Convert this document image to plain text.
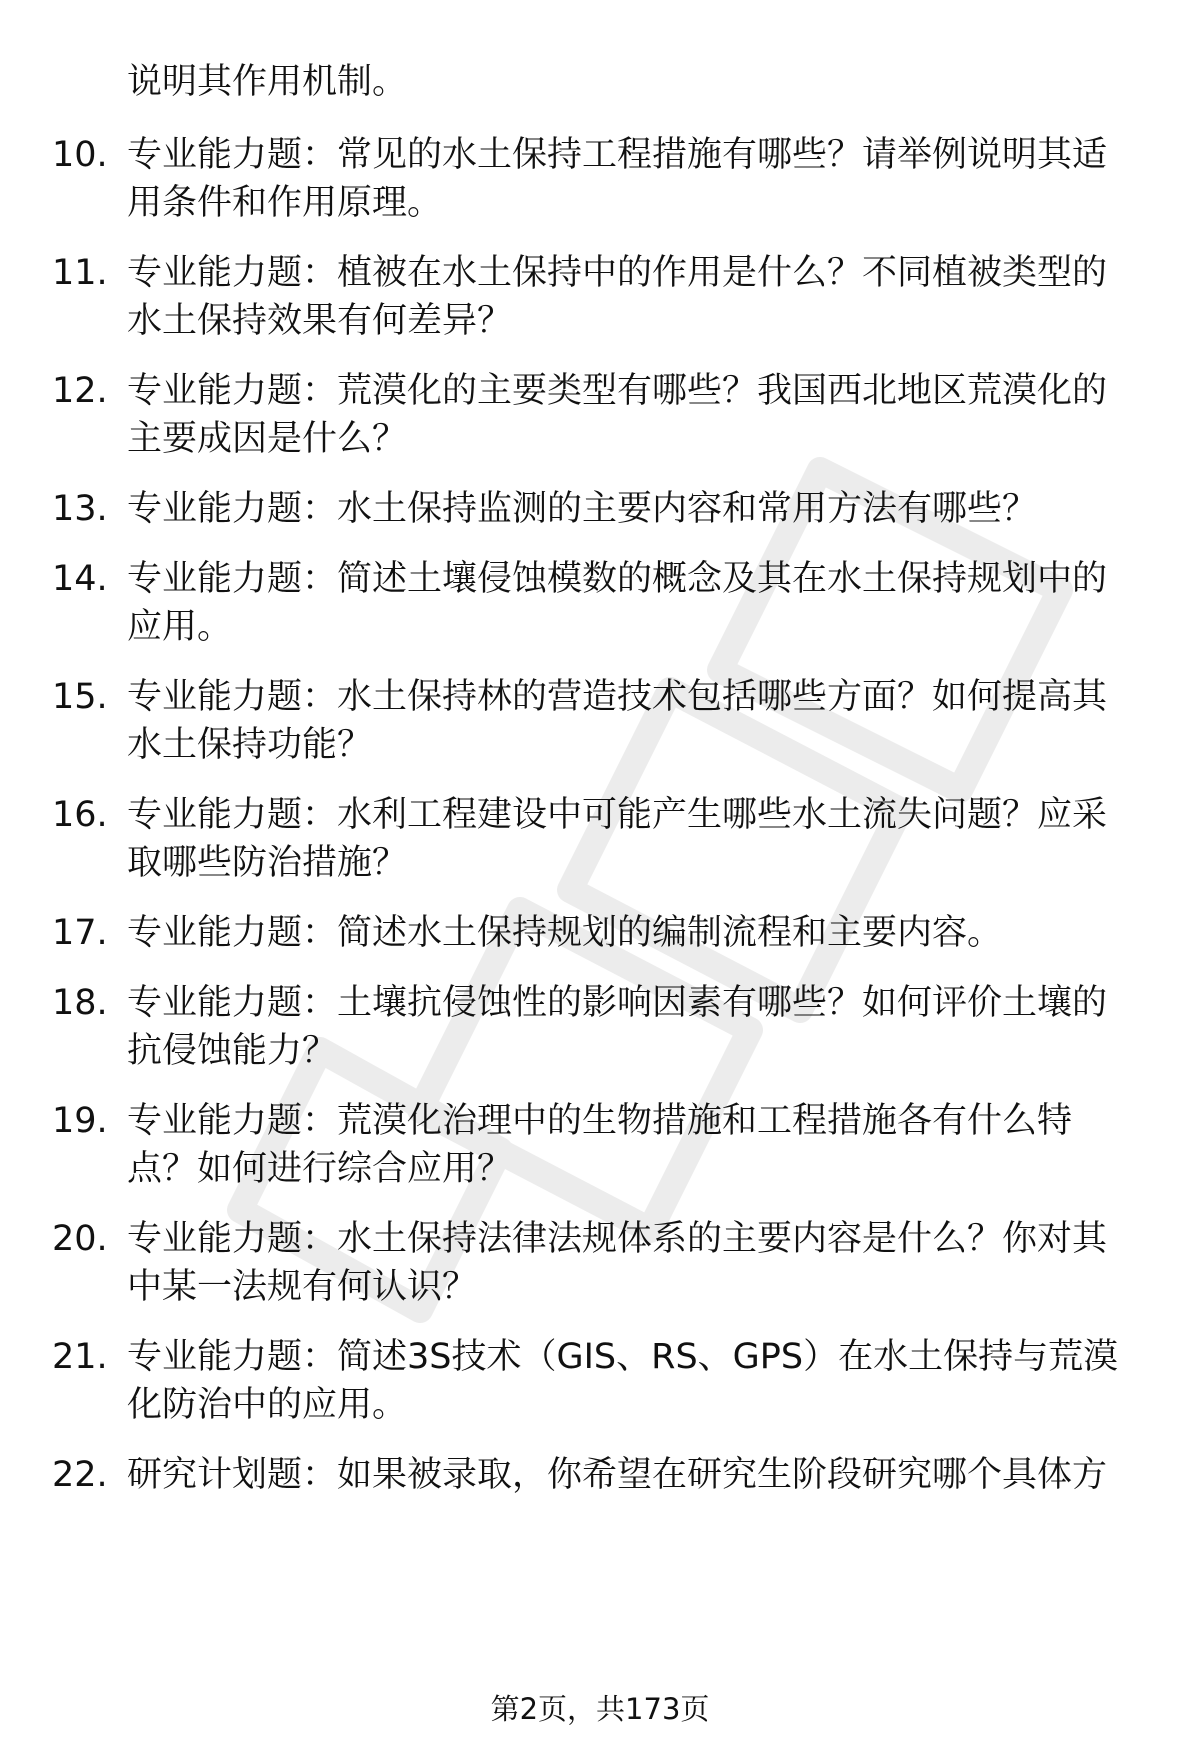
说明其作用机制。
10. 专业能力题：常见的水土保持工程措施有哪些？请举例说明其适用条件和作用原理。
11. 专业能力题：植被在水土保持中的作用是什么？不同植被类型的水土保持效果有何差异？
12. 专业能力题：荒漠化的主要类型有哪些？我国西北地区荒漠化的主要成因是什么？
13. 专业能力题：水土保持监测的主要内容和常用方法有哪些？
14. 专业能力题：简述土壤侵蚀模数的概念及其在水土保持规划中的应用。
15. 专业能力题：水土保持林的营造技术包括哪些方面？如何提高其水土保持功能？
16. 专业能力题：水利工程建设中可能产生哪些水土流失问题？应采取哪些防治措施？
17. 专业能力题：简述水土保持规划的编制流程和主要内容。
18. 专业能力题：土壤抗侵蚀性的影响因素有哪些？如何评价土壤的抗侵蚀能力？
19. 专业能力题：荒漠化治理中的生物措施和工程措施各有什么特点？如何进行综合应用？
20. 专业能力题：水土保持法律法规体系的主要内容是什么？你对其中某一法规有何认识？
21. 专业能力题：简述3S技术（GIS、RS、GPS）在水土保持与荒漠化防治中的应用。
22. 研究计划题：如果被录取，你希望在研究生阶段研究哪个具体方
第2页，共173页
